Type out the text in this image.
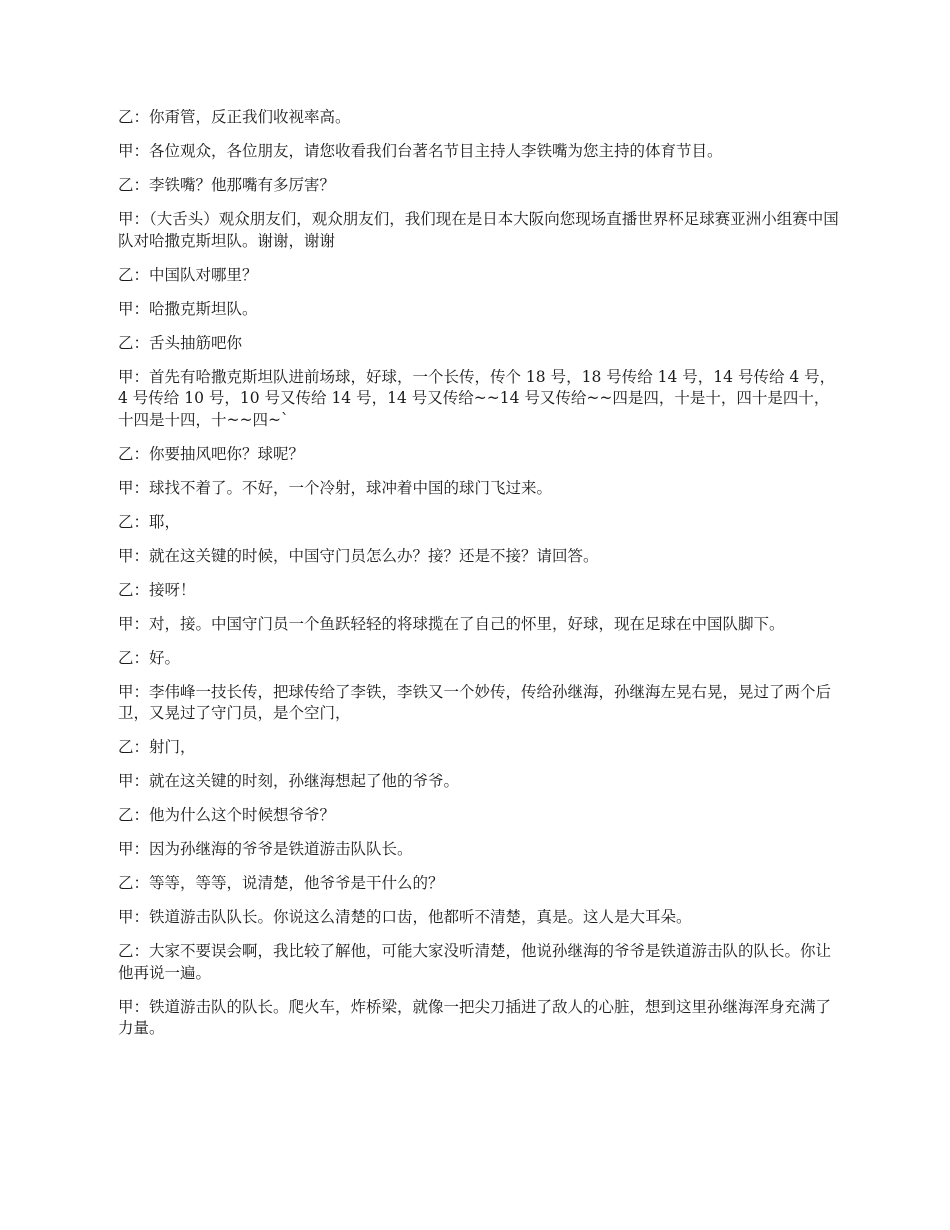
乙：你甭管，反正我们收视率高。

甲：各位观众，各位朋友，请您收看我们台著名节目主持人李铁嘴为您主持的体育节目。

乙：李铁嘴？他那嘴有多厉害？

甲：（大舌头）观众朋友们，观众朋友们，我们现在是日本大阪向您现场直播世界杯足球赛亚洲小组赛中国队对哈撒克斯坦队。谢谢，谢谢

乙：中国队对哪里？

甲：哈撒克斯坦队。

乙：舌头抽筋吧你

甲：首先有哈撒克斯坦队进前场球，好球，一个长传，传个 18 号，18 号传给 14 号，14 号传给 4 号，4 号传给 10 号，10 号又传给 14 号，14 号又传给~~14 号又传给~~四是四，十是十，四十是四十，十四是十四，十~~四~`

乙：你要抽风吧你？球呢？

甲：球找不着了。不好，一个冷射，球冲着中国的球门飞过来。

乙：耶，

甲：就在这关键的时候，中国守门员怎么办？接？还是不接？请回答。

乙：接呀！

甲：对，接。中国守门员一个鱼跃轻轻的将球揽在了自己的怀里，好球，现在足球在中国队脚下。

乙：好。

甲：李伟峰一技长传，把球传给了李铁，李铁又一个妙传，传给孙继海，孙继海左晃右晃，晃过了两个后卫，又晃过了守门员，是个空门，

乙：射门，

甲：就在这关键的时刻，孙继海想起了他的爷爷。

乙：他为什么这个时候想爷爷？

甲：因为孙继海的爷爷是铁道游击队队长。

乙：等等，等等，说清楚，他爷爷是干什么的？

甲：铁道游击队队长。你说这么清楚的口齿，他都听不清楚，真是。这人是大耳朵。

乙：大家不要误会啊，我比较了解他，可能大家没听清楚，他说孙继海的爷爷是铁道游击队的队长。你让他再说一遍。

甲：铁道游击队的队长。爬火车，炸桥梁，就像一把尖刀插进了敌人的心脏，想到这里孙继海浑身充满了力量。
